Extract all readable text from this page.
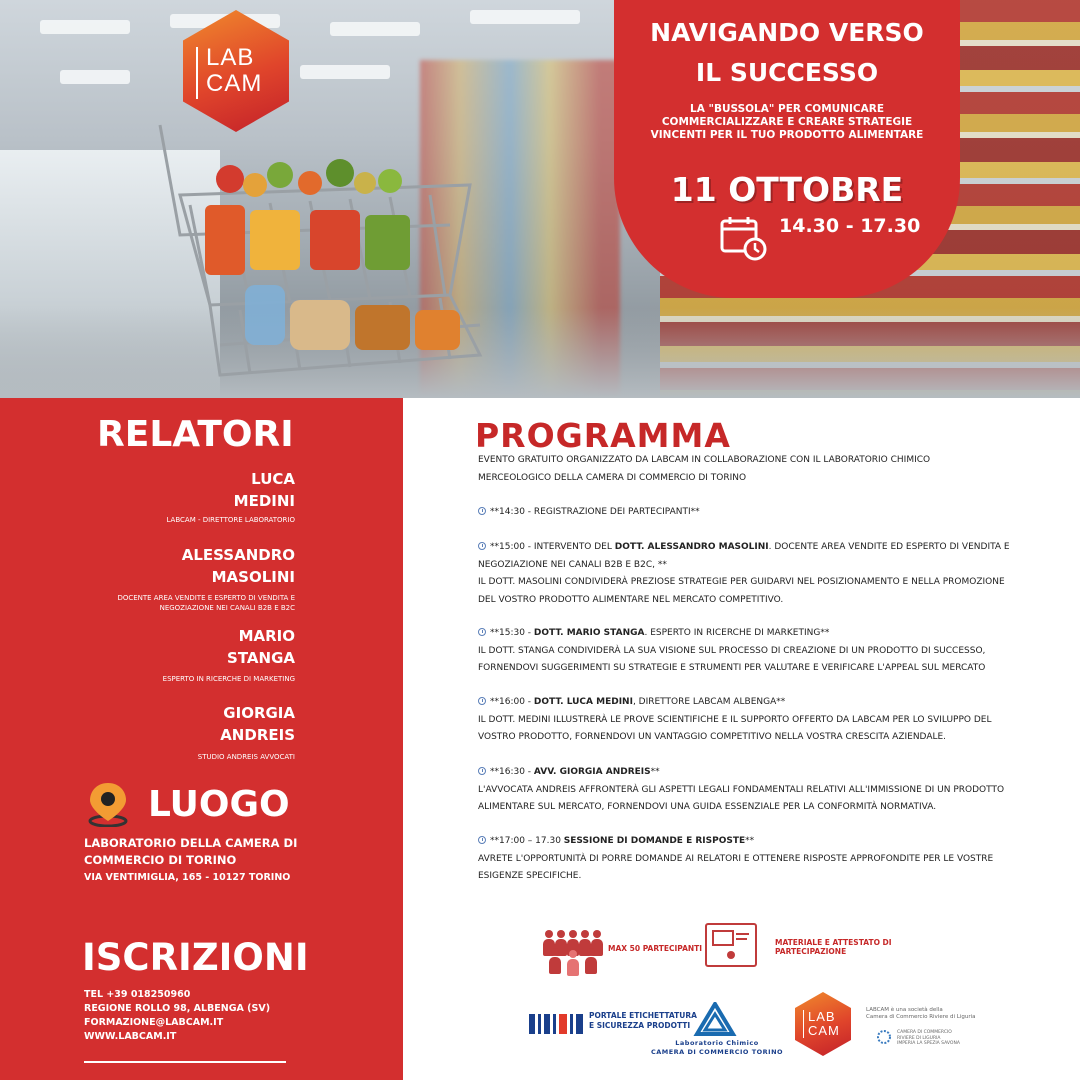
LAB
CAM
NAVIGANDO VERSO
IL SUCCESSO
LA "BUSSOLA" PER COMUNICARE
COMMERCIALIZZARE E CREARE STRATEGIE
VINCENTI PER IL TUO PRODOTTO ALIMENTARE
11 OTTOBRE
14.30 - 17.30
RELATORI
LUCA
MEDINI
LABCAM - DIRETTORE LABORATORIO
ALESSANDRO
MASOLINI
DOCENTE AREA VENDITE E ESPERTO DI VENDITA E
NEGOZIAZIONE NEI CANALI B2B E B2C
MARIO
STANGA
ESPERTO IN RICERCHE DI MARKETING
GIORGIA
ANDREIS
STUDIO ANDREIS AVVOCATI
LUOGO
LABORATORIO DELLA CAMERA DI
COMMERCIO DI TORINO
VIA VENTIMIGLIA, 165 - 10127 TORINO
ISCRIZIONI
TEL +39 018250960
REGIONE ROLLO 98, ALBENGA (SV)
FORMAZIONE@LABCAM.IT
WWW.LABCAM.IT
PROGRAMMA
EVENTO GRATUITO ORGANIZZATO DA LABCAM IN COLLABORAZIONE CON IL LABORATORIO CHIMICO
MERCEOLOGICO DELLA CAMERA DI COMMERCIO DI TORINO
**14:30 - REGISTRAZIONE DEI PARTECIPANTI**
**15:00 - INTERVENTO DEL DOTT. ALESSANDRO MASOLINI. DOCENTE AREA VENDITE ED ESPERTO DI VENDITA E
NEGOZIAZIONE NEI CANALI B2B E B2C, **
IL DOTT. MASOLINI CONDIVIDERÀ PREZIOSE STRATEGIE PER GUIDARVI NEL POSIZIONAMENTO E NELLA PROMOZIONE
DEL VOSTRO PRODOTTO ALIMENTARE NEL MERCATO COMPETITIVO.
**15:30 - DOTT. MARIO STANGA. ESPERTO IN RICERCHE DI MARKETING**
IL DOTT. STANGA CONDIVIDERÀ LA SUA VISIONE SUL PROCESSO DI CREAZIONE DI UN PRODOTTO DI SUCCESSO,
FORNENDOVI SUGGERIMENTI SU STRATEGIE E STRUMENTI PER VALUTARE E VERIFICARE L'APPEAL SUL MERCATO
**16:00 - DOTT. LUCA MEDINI, DIRETTORE LABCAM ALBENGA**
IL DOTT. MEDINI ILLUSTRERÀ LE PROVE SCIENTIFICHE E IL SUPPORTO OFFERTO DA LABCAM PER LO SVILUPPO DEL
VOSTRO PRODOTTO, FORNENDOVI UN VANTAGGIO COMPETITIVO NELLA VOSTRA CRESCITA AZIENDALE.
**16:30 - AVV. GIORGIA ANDREIS**
L'AVVOCATA ANDREIS AFFRONTERÀ GLI ASPETTI LEGALI FONDAMENTALI RELATIVI ALL'IMMISSIONE DI UN PRODOTTO
ALIMENTARE SUL MERCATO, FORNENDOVI UNA GUIDA ESSENZIALE PER LA CONFORMITÀ NORMATIVA.
**17:00 – 17.30 SESSIONE DI DOMANDE E RISPOSTE**
AVRETE L'OPPORTUNITÀ DI PORRE DOMANDE AI RELATORI E OTTENERE RISPOSTE APPROFONDITE PER LE VOSTRE
ESIGENZE SPECIFICHE.
MAX 50 PARTECIPANTI
MATERIALE E ATTESTATO DI
PARTECIPAZIONE
PORTALE ETICHETTATURA
E SICUREZZA PRODOTTI
Laboratorio Chimico
CAMERA DI COMMERCIO TORINO
LAB
CAM
LABCAM è una società della
Camera di Commercio Riviere di Liguria
CAMERA DI COMMERCIO
RIVIERE DI LIGURIA
IMPERIA LA SPEZIA SAVONA
